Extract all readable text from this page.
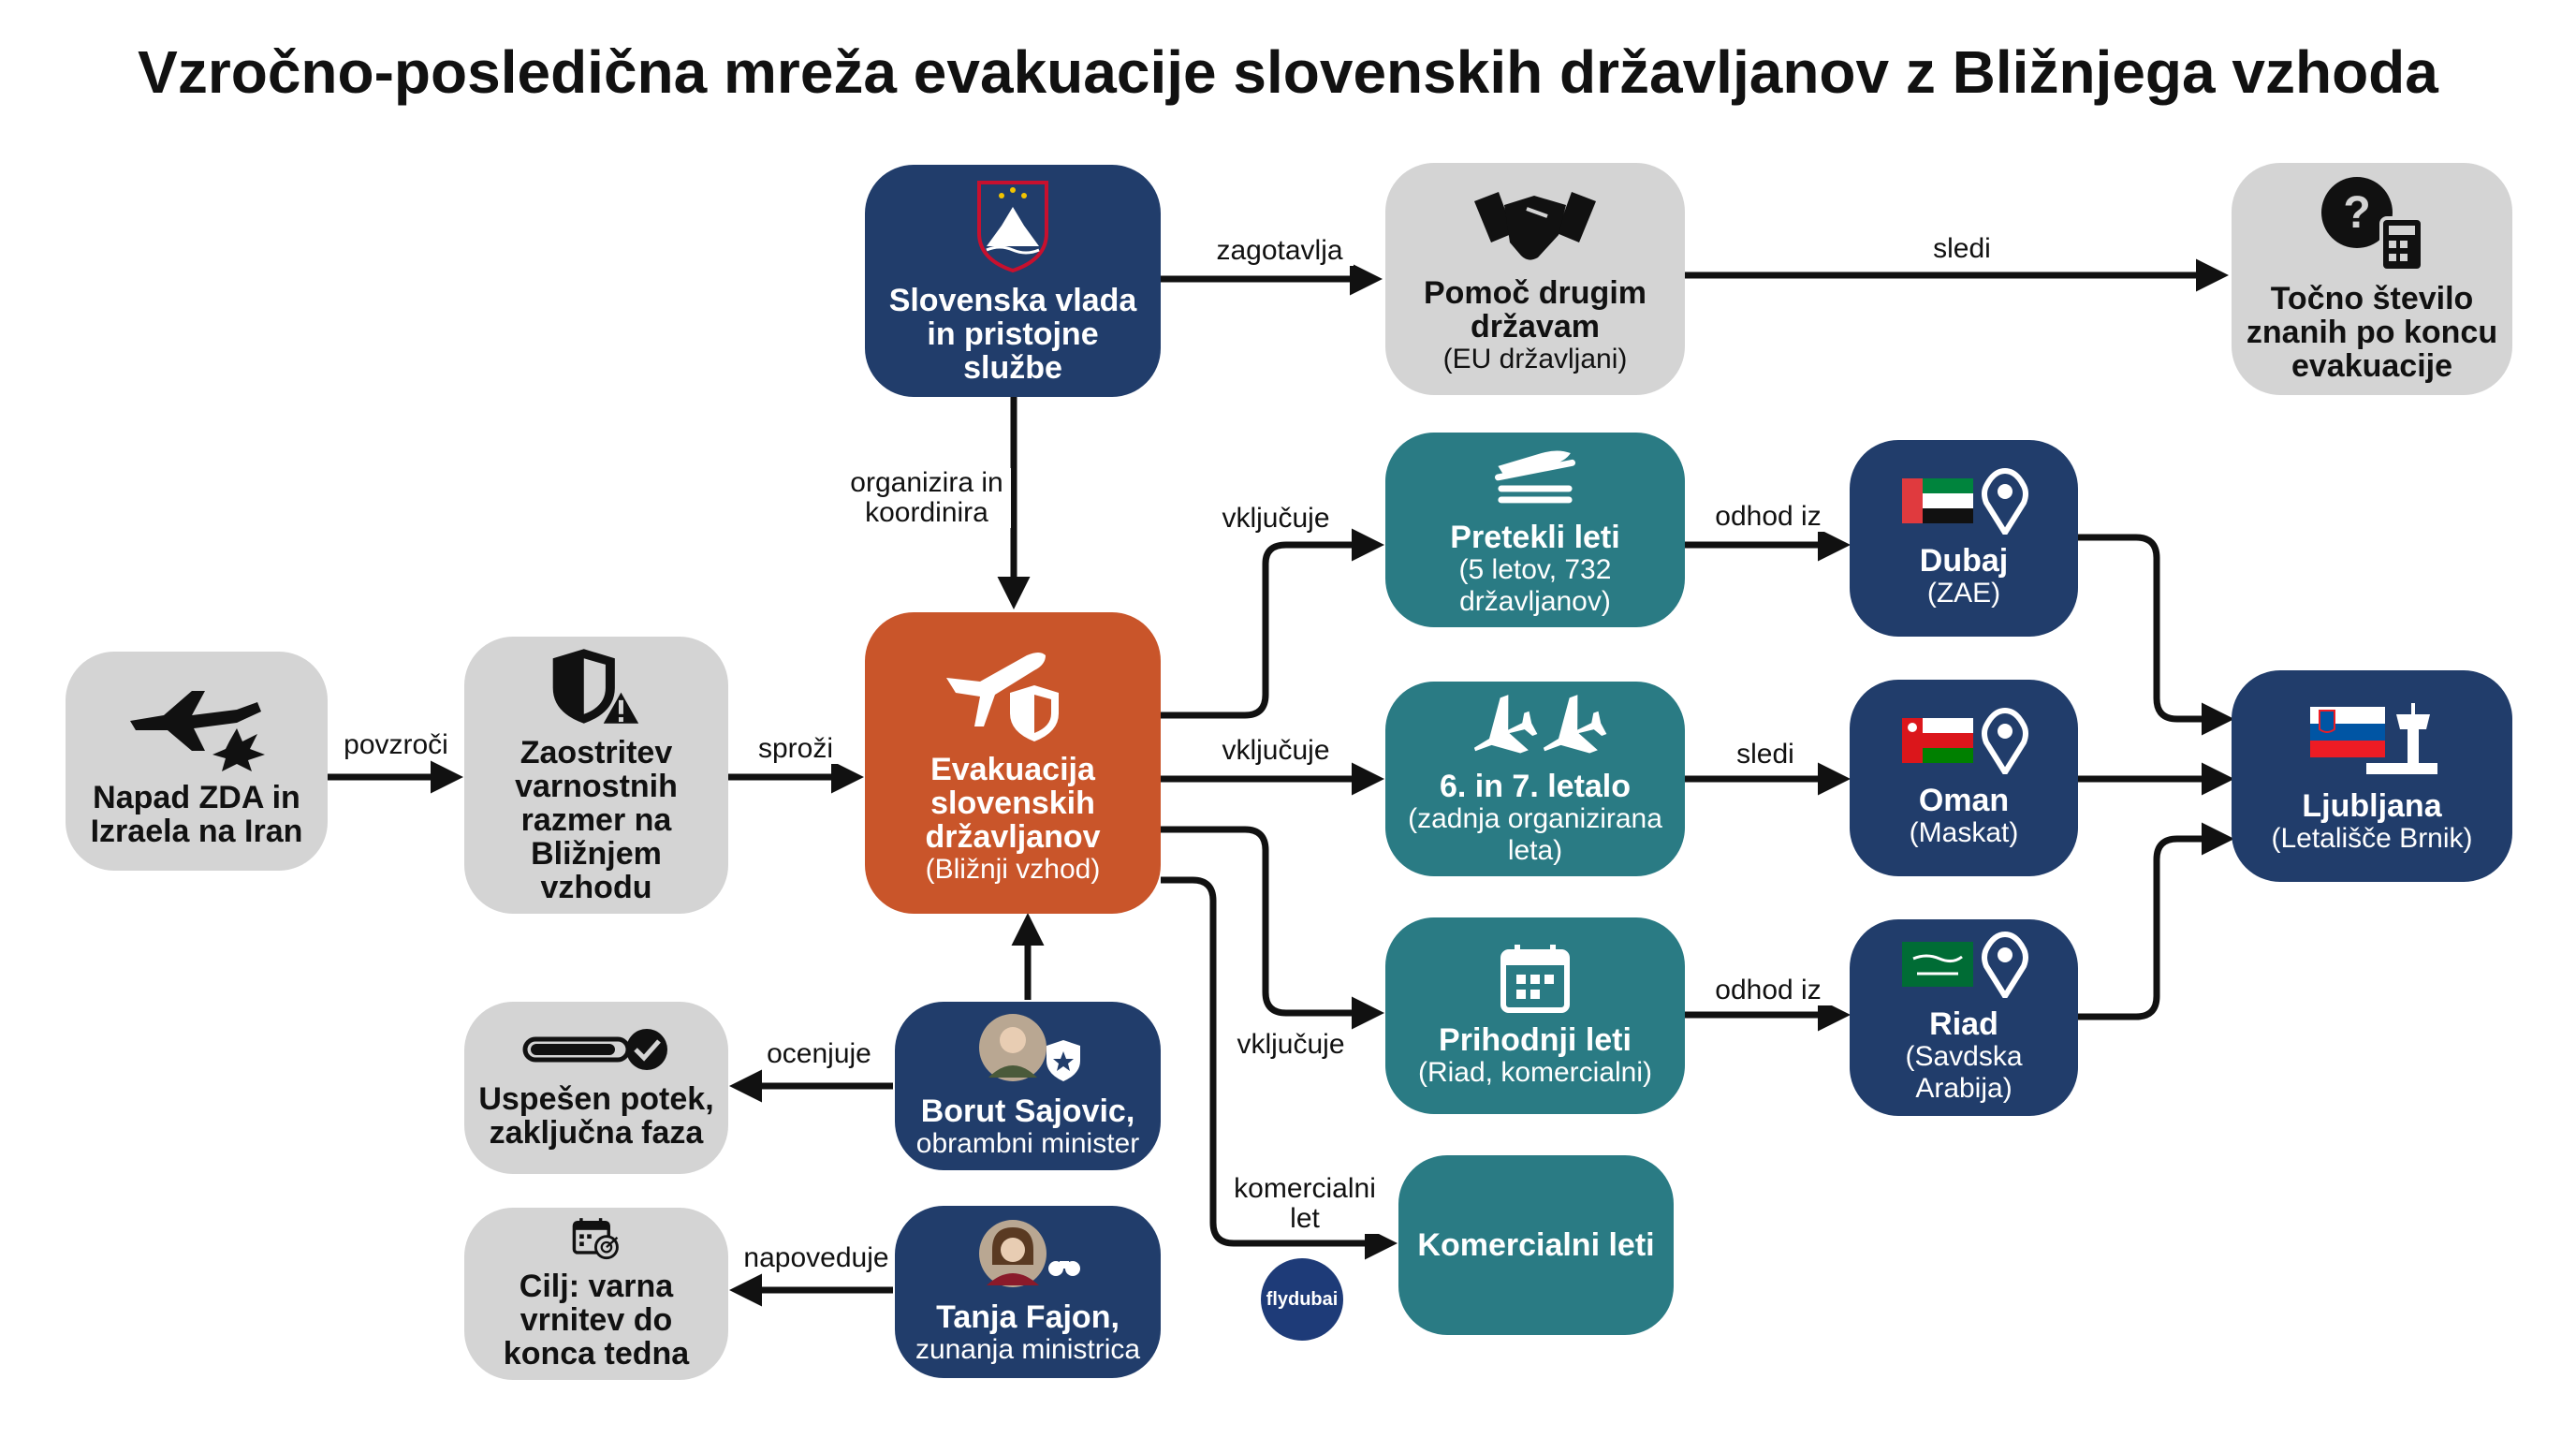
Vzročno-posledična mreža evakuacije slovenskih državljanov z Bližnjega vzhoda
povzroči	sproži
zagotavlja	sledi
organizira in koordinira	vključuje
vključuje
vključuje
odhod iz
sledi
odhod iz
komercialni let
ocenjuje
napoveduje
Napad ZDA in Izraela na Iran
Zaostritev varnostnih razmer na Bližnjem vzhodu
Slovenska vlada in pristojne službe
Evakuacija slovenskih državljanov
(Bližnji vzhod)
Pomoč drugim državam
(EU državljani)
?
Točno število znanih po koncu evakuacije
Pretekli leti
(5 letov, 732 državljanov)
6. in 7. letalo
(zadnja organizirana leta)
Prihodnji leti
(Riad, komercialni)
Komercialni leti
flydubai
Dubaj
(ZAE)
Oman
(Maskat)
Riad
(Savdska Arabija)
Ljubljana
(Letališče Brnik)
Borut Sajovic,
obrambni minister
Tanja Fajon,
zunanja ministrica
Uspešen potek, zaključna faza
Cilj: varna vrnitev do konca tedna
